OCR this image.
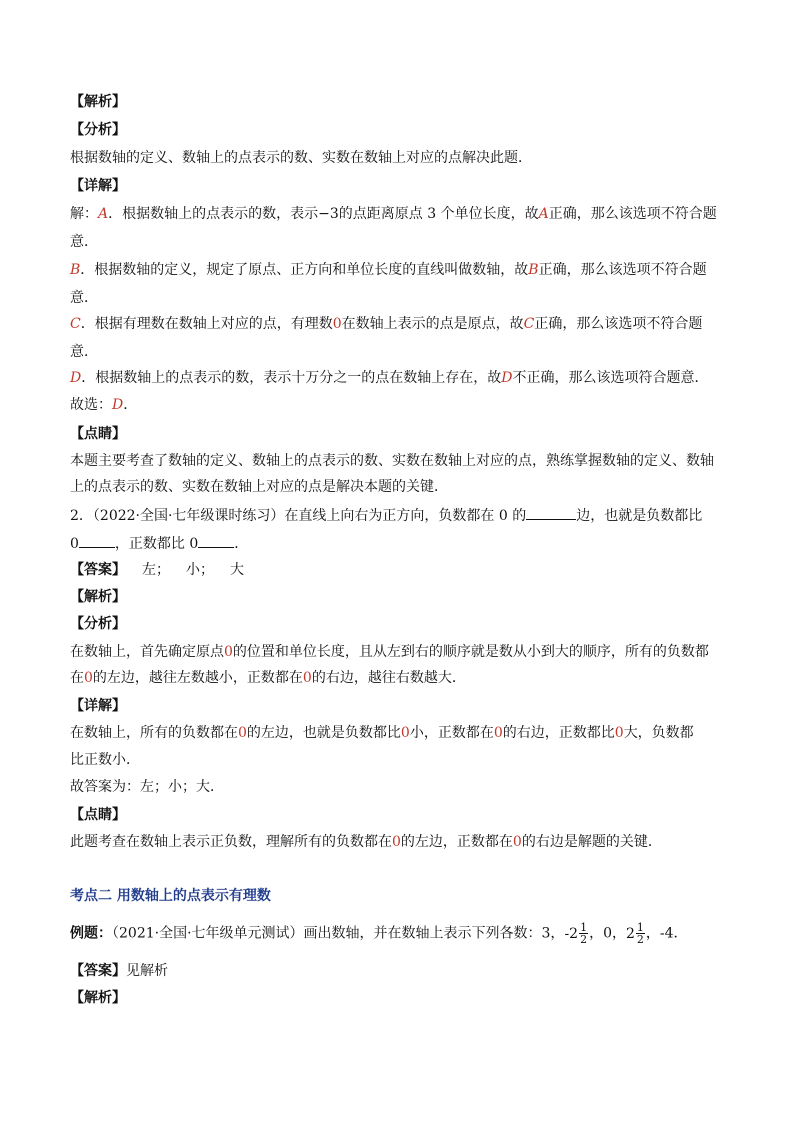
【解析】
【分析】
根据数轴的定义、数轴上的点表示的数、实数在数轴上对应的点解决此题．
【详解】
解：A．根据数轴上的点表示的数，表示−3的点距离原点 3 个单位长度，故A正确，那么该选项不符合题
意．
B．根据数轴的定义，规定了原点、正方向和单位长度的直线叫做数轴，故B正确，那么该选项不符合题
意．
C．根据有理数在数轴上对应的点，有理数0在数轴上表示的点是原点，故C正确，那么该选项不符合题
意．
D．根据数轴上的点表示的数，表示十万分之一的点在数轴上存在，故D不正确，那么该选项符合题意．
故选：D．
【点睛】
本题主要考查了数轴的定义、数轴上的点表示的数、实数在数轴上对应的点，熟练掌握数轴的定义、数轴
上的点表示的数、实数在数轴上对应的点是解决本题的关键．
2．（2022·全国·七年级课时练习）在直线上向右为正方向，负数都在 0 的	边，也就是负数都比
0	，正数都比 0	．
【答案】 左； 小； 大
【解析】
【分析】
在数轴上，首先确定原点0的位置和单位长度，且从左到右的顺序就是数从小到大的顺序，所有的负数都
在0的左边，越往左数越小，正数都在0的右边，越往右数越大．
【详解】
在数轴上，所有的负数都在0的左边，也就是负数都比0小，正数都在0的右边，正数都比0大，负数都
比正数小．
故答案为：左；小；大．
【点睛】
此题考查在数轴上表示正负数，理解所有的负数都在0的左边，正数都在0的右边是解题的关键．
考点二 用数轴上的点表示有理数
例题：（2021·全国·七年级单元测试）画出数轴，并在数轴上表示下列各数：3，$-2 \frac{1}{2}$ ，0，$2 \frac{1}{2}$ ，-4．
【答案】见解析
【解析】
